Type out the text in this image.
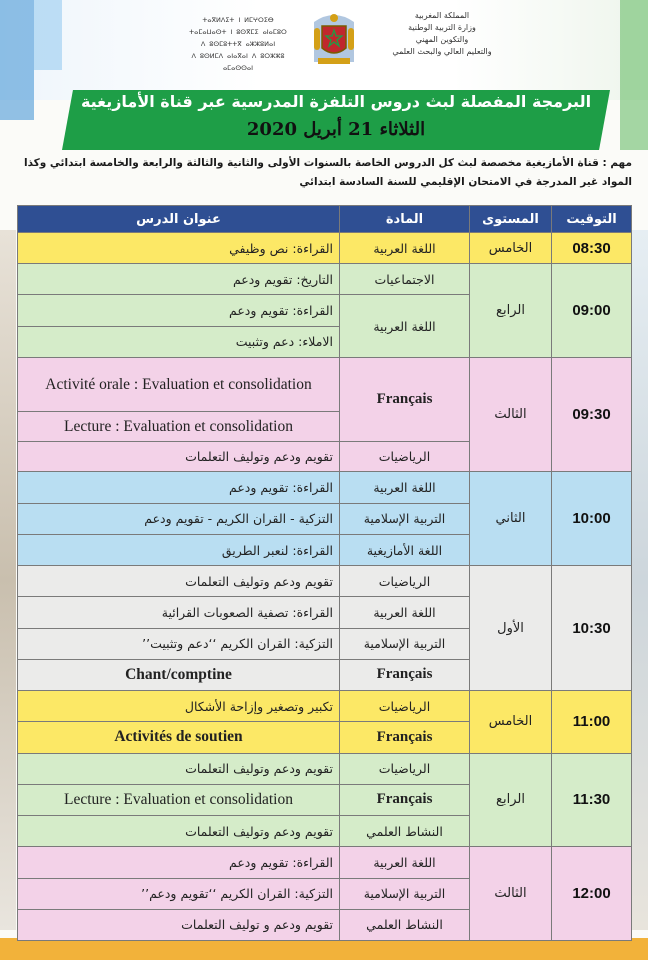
ⵜⴰⴳⵍⴷⵉⵜ ⵏ ⵍⵎⵖⵔⵉⴱ
ⵜⴰⵎⴰⵡⴰⵙⵜ ⵏ ⵓⵙⴳⵎⵉ ⴰⵏⴰⵎⵓⵔ
ⴷ ⵓⵙⵎⵓⵜⵜⴳ ⴰⵣⵣⵓⵍⴰⵏ
ⴷ ⵓⵙⵍⵎⴷ ⴰⵏⴰⴳⴰⵏ ⴷ ⵓⵔⵣⵣⵓ ⴰⵎⴰⵙⵙⴰⵏ
المملكة المغربية
وزارة التربية الوطنية
والتكوين المهني
والتعليم العالي والبحث العلمي
البرمجة المفصلة لبث دروس التلفزة المدرسية عبر قناة الأمازيغية
الثلاثاء 21 أبريل 2020
مهم : قناة الأمازيغية مخصصة لبث كل الدروس الخاصة بالسنوات الأولى والثانية والثالثة والرابعة والخامسة ابتدائي وكذا المواد غير المدرجة في الامتحان الإقليمي للسنة السادسة ابتدائي
التوقيت	المستوى	المادة	عنوان الدرس
08:30	الخامس	اللغة العربية	القراءة: نص وظيفي
09:00	الرابع	الاجتماعيات	التاريخ: تقويم ودعم
		اللغة العربية	القراءة: تقويم ودعم
			الاملاء: دعم وتثبيت
09:30	الثالث	Français	Activité orale : Evaluation et consolidation
			Lecture : Evaluation et consolidation
		الرياضيات	تقويم ودعم وتوليف التعلمات
10:00	الثاني	اللغة العربية	القراءة: تقويم ودعم
		التربية الإسلامية	التزكية - القران الكريم - تقويم ودعم
		اللغة الأمازيغية	القراءة: لنعبر الطريق
10:30	الأول	الرياضيات	تقويم ودعم وتوليف التعلمات
		اللغة العربية	القراءة: تصفية الصعوبات القرائية
		التربية الإسلامية	التزكية: القران الكريم ‘‘دعم وتثبيت’’
		Français	Chant/comptine
11:00	الخامس	الرياضيات	تكبير وتصغير وإزاحة الأشكال
		Français	Activités de soutien
11:30	الرابع	الرياضيات	تقويم ودعم وتوليف التعلمات
		Français	Lecture : Evaluation et consolidation
		النشاط العلمي	تقويم ودعم وتوليف التعلمات
12:00	الثالث	اللغة العربية	القراءة: تقويم ودعم
		التربية الإسلامية	التزكية: القران الكريم ‘‘تقويم ودعم’’
		النشاط العلمي	تقويم ودعم و توليف التعلمات
